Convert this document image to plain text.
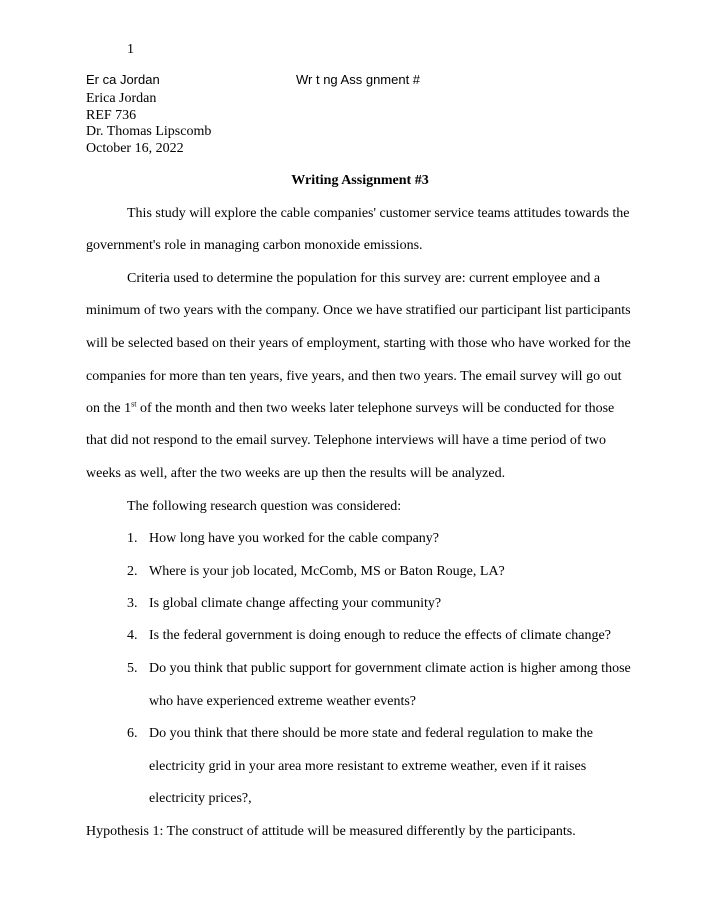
1
Er ca Jordan	Wr t ng Ass gnment #
Erica Jordan
REF 736
Dr. Thomas Lipscomb
October 16, 2022
Writing Assignment #3
This study will explore the cable companies' customer service teams attitudes towards the
government's role in managing carbon monoxide emissions.
Criteria used to determine the population for this survey are: current employee and a
minimum of two years with the company. Once we have stratified our participant list participants
will be selected based on their years of employment, starting with those who have worked for the
companies for more than ten years, five years, and then two years. The email survey will go out
on the 1st of the month and then two weeks later telephone surveys will be conducted for those
that did not respond to the email survey. Telephone interviews will have a time period of two
weeks as well, after the two weeks are up then the results will be analyzed.
The following research question was considered:
1. How long have you worked for the cable company?
2. Where is your job located, McComb, MS or Baton Rouge, LA?
3. Is global climate change affecting your community?
4. Is the federal government is doing enough to reduce the effects of climate change?
5. Do you think that public support for government climate action is higher among those
who have experienced extreme weather events?
6. Do you think that there should be more state and federal regulation to make the
electricity grid in your area more resistant to extreme weather, even if it raises
electricity prices?,
Hypothesis 1: The construct of attitude will be measured differently by the participants.
